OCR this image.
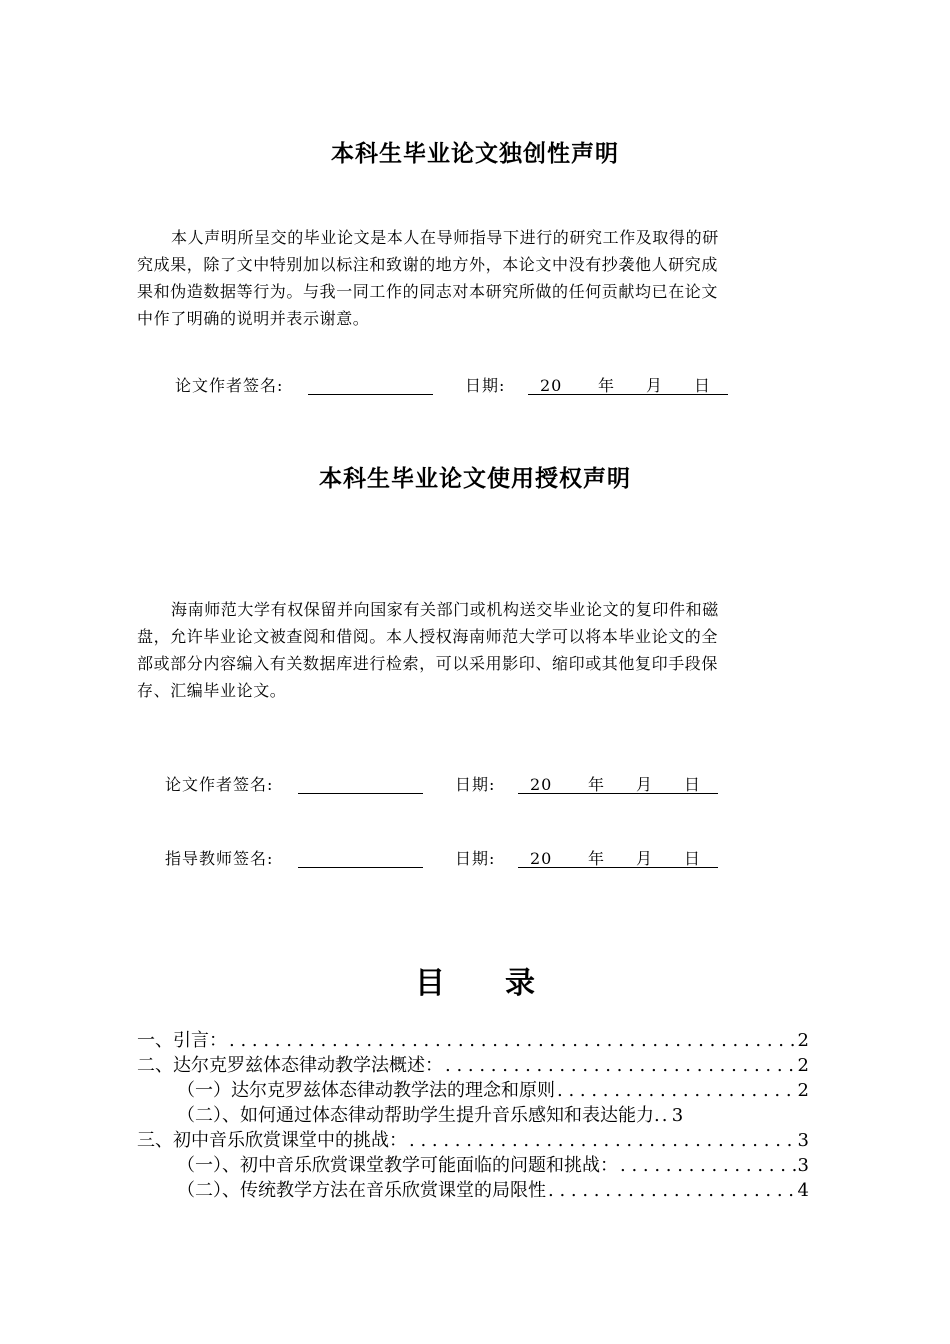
本科生毕业论文独创性声明
本人声明所呈交的毕业论文是本人在导师指导下进行的研究工作及取得的研
究成果，除了文中特别加以标注和致谢的地方外，本论文中没有抄袭他人研究成
果和伪造数据等行为。与我一同工作的同志对本研究所做的任何贡献均已在论文
中作了明确的说明并表示谢意。
论文作者签名:	日期: 20 年 月 日
本科生毕业论文使用授权声明
海南师范大学有权保留并向国家有关部门或机构送交毕业论文的复印件和磁
盘，允许毕业论文被查阅和借阅。本人授权海南师范大学可以将本毕业论文的全
部或部分内容编入有关数据库进行检索，可以采用影印、缩印或其他复印手段保
存、汇编毕业论文。
论文作者签名:	日期: 20 年 月 日
指导教师签名:	日期: 20 年 月 日
目 录
一、引言： . . .	2
二、达尔克罗兹体态律动教学法概述： . . .	2
（一）达尔克罗兹体态律动教学法的理念和原则 . . .	2
（二）、如何通过体态律动帮助学生提升音乐感知和表达能力. . . . 3
三、初中音乐欣赏课堂中的挑战： . . .	3
（一）、初中音乐欣赏课堂教学可能面临的问题和挑战： . . .	3
（二）、传统教学方法在音乐欣赏课堂的局限性 . . .	4
